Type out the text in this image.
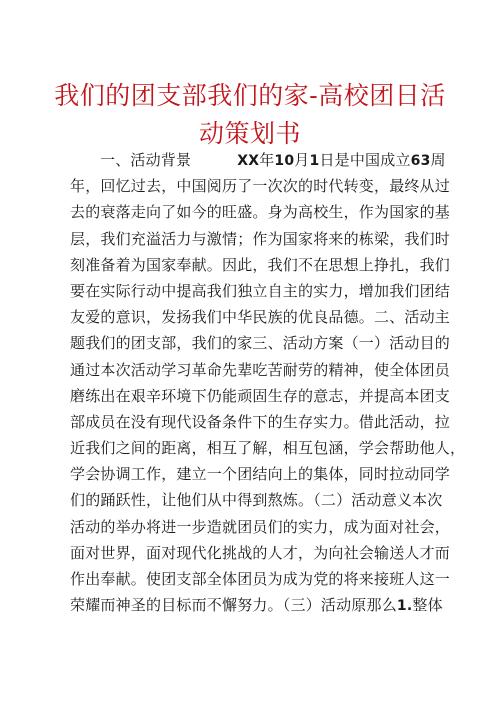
我们的团支部我们的家-高校团日活
动策划书
一、活动背景	XX年10月1日是中国成立63周
年，回忆过去，中国阅历了一次次的时代转变，最终从过
去的衰落走向了如今的旺盛。身为高校生，作为国家的基
层，我们充溢活力与激情；作为国家将来的栋梁，我们时
刻准备着为国家奉献。因此，我们不在思想上挣扎，我们
要在实际行动中提高我们独立自主的实力，增加我们团结
友爱的意识，发扬我们中华民族的优良品德。二、活动主
题我们的团支部，我们的家三、活动方案（一）活动目的
通过本次活动学习革命先辈吃苦耐劳的精神，使全体团员
磨练出在艰辛环境下仍能顽固生存的意志，并提高本团支
部成员在没有现代设备条件下的生存实力。借此活动，拉
近我们之间的距离，相互了解，相互包涵，学会帮助他人，
学会协调工作，建立一个团结向上的集体，同时拉动同学
们的踊跃性，让他们从中得到熬炼。（二）活动意义本次
活动的举办将进一步造就团员们的实力，成为面对社会，
面对世界，面对现代化挑战的人才，为向社会输送人才而
作出奉献。使团支部全体团员为成为党的将来接班人这一
荣耀而神圣的目标而不懈努力。（三）活动原那么1.整体
